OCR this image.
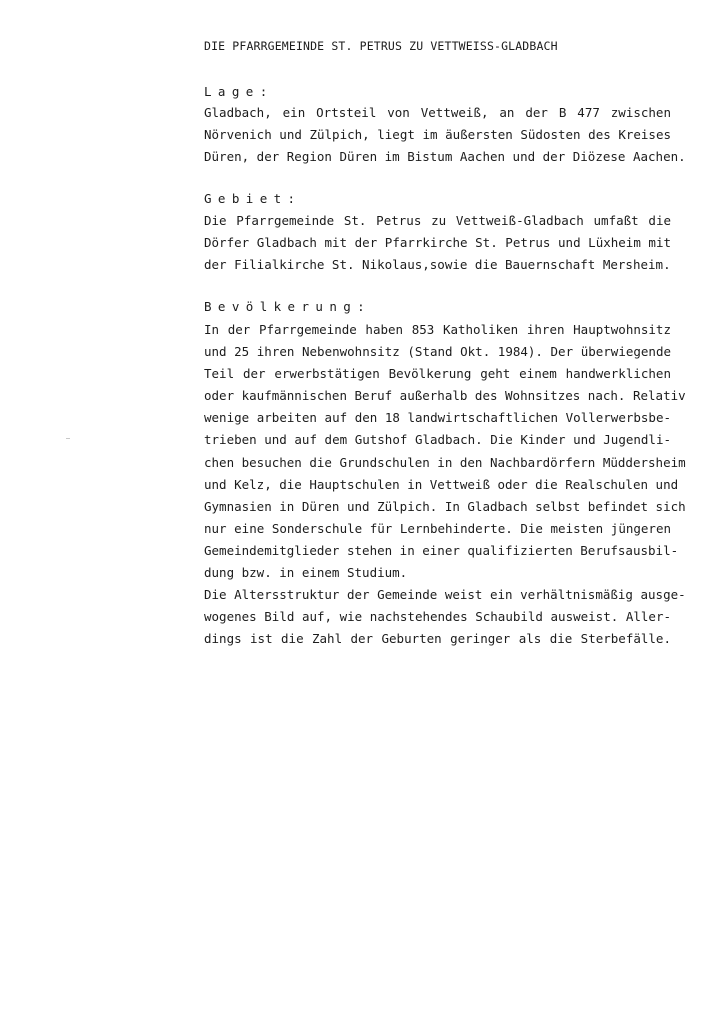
DIE PFARRGEMEINDE ST. PETRUS ZU VETTWEISS-GLADBACH
Lage:
Gladbach, ein Ortsteil von Vettweiß, an der B 477 zwischen
Nörvenich und Zülpich, liegt im äußersten Südosten des Kreises
Düren, der Region Düren im Bistum Aachen und der Diözese Aachen.
Gebiet:
Die Pfarrgemeinde St. Petrus zu Vettweiß-Gladbach umfaßt die
Dörfer Gladbach mit der Pfarrkirche St. Petrus und Lüxheim mit
der Filialkirche St. Nikolaus,sowie die Bauernschaft Mersheim.
Bevölkerung:
In der Pfarrgemeinde haben 853 Katholiken ihren Hauptwohnsitz
und 25 ihren Nebenwohnsitz (Stand Okt. 1984). Der überwiegende
Teil der erwerbstätigen Bevölkerung geht einem handwerklichen
oder kaufmännischen Beruf außerhalb des Wohnsitzes nach. Relativ
wenige arbeiten auf den 18 landwirtschaftlichen Vollerwerbsbe-
trieben und auf dem Gutshof Gladbach. Die Kinder und Jugendli-
chen besuchen die Grundschulen in den Nachbardörfern Müddersheim
und Kelz, die Hauptschulen in Vettweiß oder die Realschulen und
Gymnasien in Düren und Zülpich. In Gladbach selbst befindet sich
nur eine Sonderschule für Lernbehinderte. Die meisten jüngeren
Gemeindemitglieder stehen in einer qualifizierten Berufsausbil-
dung bzw. in einem Studium.
Die Altersstruktur der Gemeinde weist ein verhältnismäßig ausge-
wogenes Bild auf, wie nachstehendes Schaubild ausweist. Aller-
dings ist die Zahl der Geburten geringer als die Sterbefälle.
